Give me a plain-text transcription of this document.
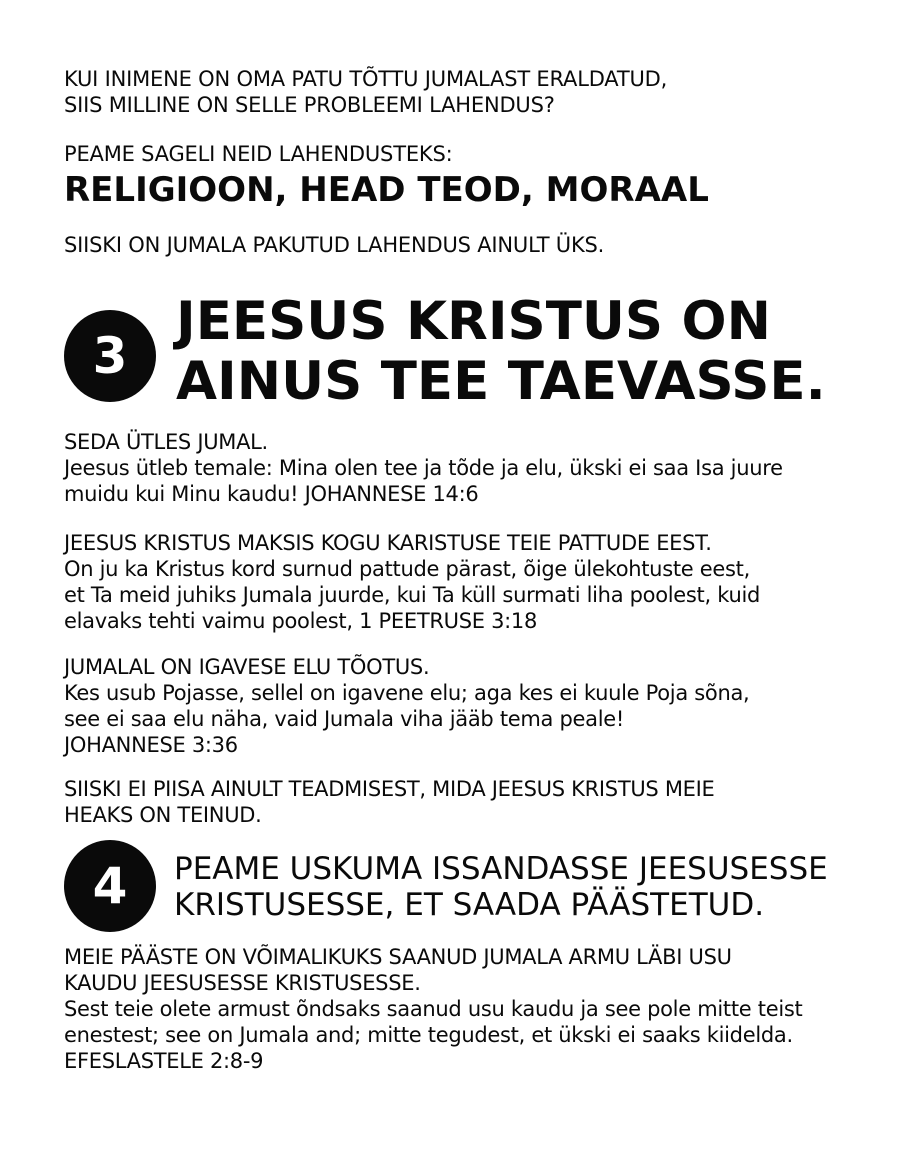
KUI INIMENE ON OMA PATU TÕTTU JUMALAST ERALDATUD,
SIIS MILLINE ON SELLE PROBLEEMI LAHENDUS?

PEAME SAGELI NEID LAHENDUSTEKS:

RELIGIOON, HEAD TEOD, MORAAL

SIISKI ON JUMALA PAKUTUD LAHENDUS AINULT ÜKS.

3

JEESUS KRISTUS ON
AINUS TEE TAEVASSE.

SEDA ÜTLES JUMAL.
Jeesus ütleb temale: Mina olen tee ja tõde ja elu, ükski ei saa Isa juure
muidu kui Minu kaudu! JOHANNESE 14:6

JEESUS KRISTUS MAKSIS KOGU KARISTUSE TEIE PATTUDE EEST.
On ju ka Kristus kord surnud pattude pärast, õige ülekohtuste eest,
et Ta meid juhiks Jumala juurde, kui Ta küll surmati liha poolest, kuid
elavaks tehti vaimu poolest, 1 PEETRUSE 3:18

JUMALAL ON IGAVESE ELU TÕOTUS.
Kes usub Pojasse, sellel on igavene elu; aga kes ei kuule Poja sõna,
see ei saa elu näha, vaid Jumala viha jääb tema peale!
JOHANNESE 3:36

SIISKI EI PIISA AINULT TEADMISEST, MIDA JEESUS KRISTUS MEIE
HEAKS ON TEINUD.

4 PEAME USKUMA ISSANDASSE JEESUSESSE
KRISTUSESSE, ET SAADA PÄÄSTETUD.

MEIE PÄÄSTE ON VÕIMALIKUKS SAANUD JUMALA ARMU LÄBI USU
KAUDU JEESUSESSE KRISTUSESSE.
Sest teie olete armust õndsaks saanud usu kaudu ja see pole mitte teist
enestest; see on Jumala and; mitte tegudest, et ükski ei saaks kiidelda.
EFESLASTELE 2:8-9
